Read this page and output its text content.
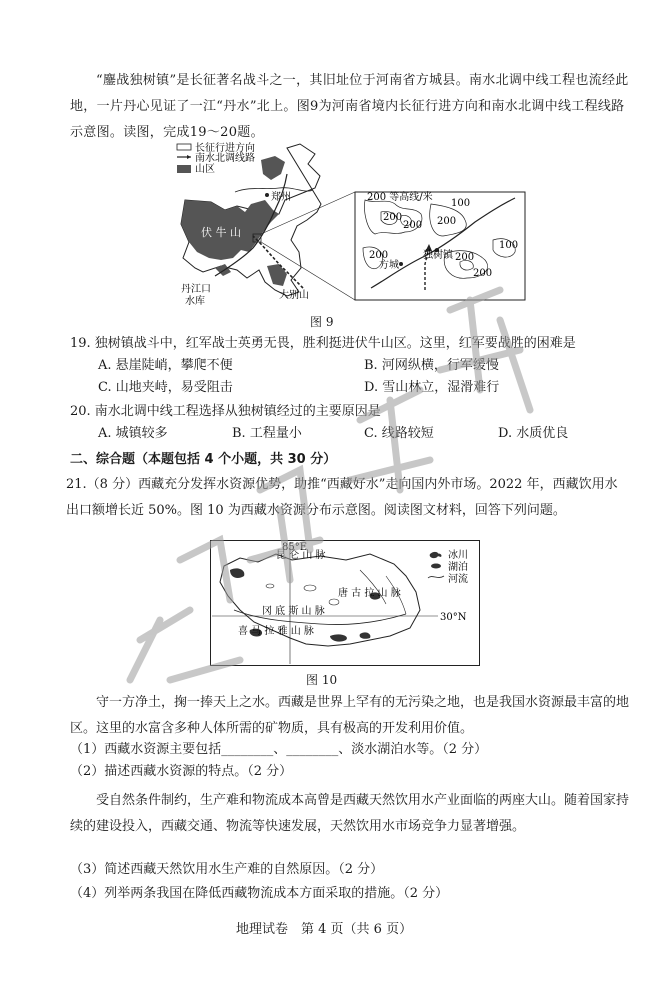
“鏖战独树镇”是长征著名战斗之一，其旧址位于河南省方城县。南水北调中线工程也流经此地，一片丹心见证了一江“丹水”北上。图9为河南省境内长征行进方向和南水北调中线工程线路示意图。读图，完成19～20题。
长征行进方向
南水北调线路
山区
郑州
伏 牛 山
丹江口
水库
大别山
200 等高线/米
100
200
200 200
100
200	200
200
方城
独树镇
图 9
19. 独树镇战斗中，红军战士英勇无畏，胜利挺进伏牛山区。这里，红军要战胜的困难是
A. 悬崖陡峭，攀爬不便	B. 河网纵横，行军缓慢
C. 山地夹峙，易受阻击	D. 雪山林立，湿滑难行
20. 南水北调中线工程选择从独树镇经过的主要原因是
A. 城镇较多	B. 工程量小	C. 线路较短	D. 水质优良
二、综合题（本题包括 4 个小题，共 30 分）
21.（8 分）西藏充分发挥水资源优势，助推“西藏好水”走向国内外市场。2022 年，西藏饮用水出口额增长近 50%。图 10 为西藏水资源分布示意图。阅读图文材料，回答下列问题。
85°E
30°N
冰川
湖泊
河流
昆 仑 山 脉
唐 古 拉 山 脉
冈 底 斯 山 脉
喜 马 拉 雅 山 脉
图 10
守一方净土，掬一捧天上之水。西藏是世界上罕有的无污染之地，也是我国水资源最丰富的地区。这里的水富含多种人体所需的矿物质，具有极高的开发利用价值。
（1）西藏水资源主要包括________、________、淡水湖泊水等。（2 分）
（2）描述西藏水资源的特点。（2 分）
受自然条件制约，生产难和物流成本高曾是西藏天然饮用水产业面临的两座大山。随着国家持续的建设投入，西藏交通、物流等快速发展，天然饮用水市场竞争力显著增强。
（3）简述西藏天然饮用水生产难的自然原因。（2 分）
（4）列举两条我国在降低西藏物流成本方面采取的措施。（2 分）
地理试卷　第 4 页（共 6 页）
